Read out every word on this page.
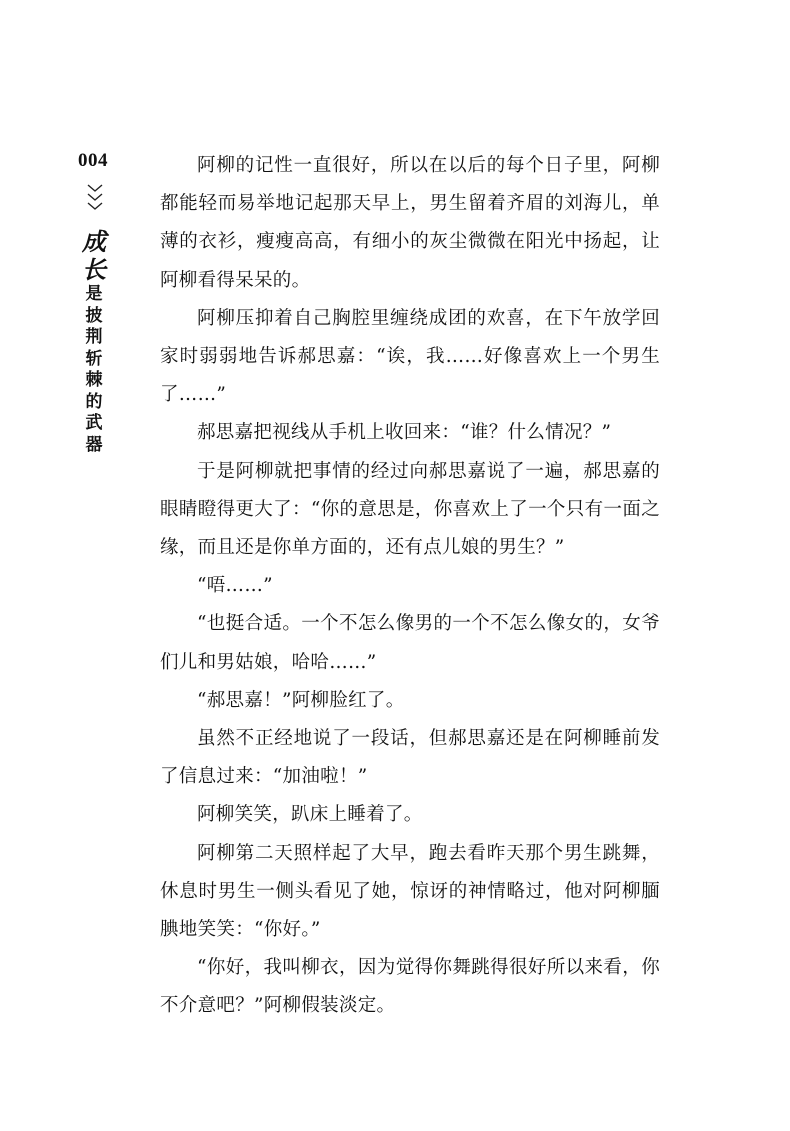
004
成
长
是
披
荆
斩
棘
的
武
器

阿柳的记性一直很好，所以在以后的每个日子里，阿柳都能轻而易举地记起那天早上，男生留着齐眉的刘海儿，单薄的衣衫，瘦瘦高高，有细小的灰尘微微在阳光中扬起，让阿柳看得呆呆的。

阿柳压抑着自己胸腔里缠绕成团的欢喜，在下午放学回家时弱弱地告诉郝思嘉：“诶，我……好像喜欢上一个男生了……”

郝思嘉把视线从手机上收回来：“谁？什么情况？”

于是阿柳就把事情的经过向郝思嘉说了一遍，郝思嘉的眼睛瞪得更大了：“你的意思是，你喜欢上了一个只有一面之缘，而且还是你单方面的，还有点儿娘的男生？”

“唔……”

“也挺合适。一个不怎么像男的一个不怎么像女的，女爷们儿和男姑娘，哈哈……”

“郝思嘉！”阿柳脸红了。

虽然不正经地说了一段话，但郝思嘉还是在阿柳睡前发了信息过来：“加油啦！”

阿柳笑笑，趴床上睡着了。

阿柳第二天照样起了大早，跑去看昨天那个男生跳舞，休息时男生一侧头看见了她，惊讶的神情略过，他对阿柳腼腆地笑笑：“你好。”

“你好，我叫柳衣，因为觉得你舞跳得很好所以来看，你不介意吧？”阿柳假装淡定。
